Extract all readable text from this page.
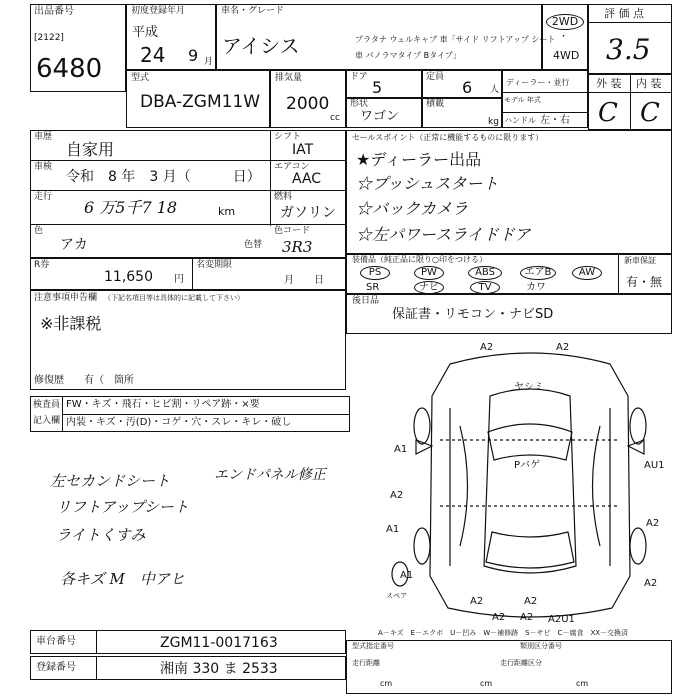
出品番号
[2122]
6480
初度登録年月
平成
24 9 月
車名・グレード
アイシス	プラタナ ウェルキャブ 車「サイド リフトアップ シート
車 パノラマタイプ Bタイプ」
2WD
・
4WD
評 価 点
3.5
外 装 内 装
C C
型式
DBA-ZGM11W
排気量
2000
cc
ドア
5
定員
6 人
形状
ワゴン
積載
kg
ディーラー・並行
モデル 年式
ハンドル 左・右
車歴
自家用
車検
令和　8 年　3 月（　　　日）
走行
6 万5千7 18	km
色
アカ
シフト
IAT
エアコン
AAC
燃料
ガソリン
色コード
色替 3R3
R券
11,650 円
名変期限
月　　日
セールスポイント（正常に機能するものに限ります）
★ディーラー出品
☆プッシュスタート
☆バックカメラ
☆左パワースライドドア
装備品（純正品に限り○印をつける）
PS	PW	ABS	エアB	AW
SR	ナビ	TV	カワ
新車保証
有・無
後日品
保証書・リモコン・ナビSD
注意事項申告欄 （下記名項目等は具体的に記載して下さい）
※非課税
修復歴 有（　箇所
検査員
記入欄
FW・キズ・飛石・ヒビ割・リペア跡・×要
内装・キズ・汚(D)・コゲ・穴・スレ・キレ・破し
左セカンドシート
リフトアップシート
ライトくすみ
各キズ M　中アヒ
エンドパネル修正
A2	A2
ヤシミ
A1
Pバゲ	AU1
A2
A2
A1
A1
A2
A2
A2 A2U1
A2
A2
スペア
A－キズ　E－エクボ　U－凹み　W－補修跡　S－サビ　C－腐食　XX－交換済
車台番号	ZGM11-0017163
登録番号	湘南 330 ま 2533
型式指定番号	類別区分番号
走行距離	走行距離区分
cm	cm	cm
